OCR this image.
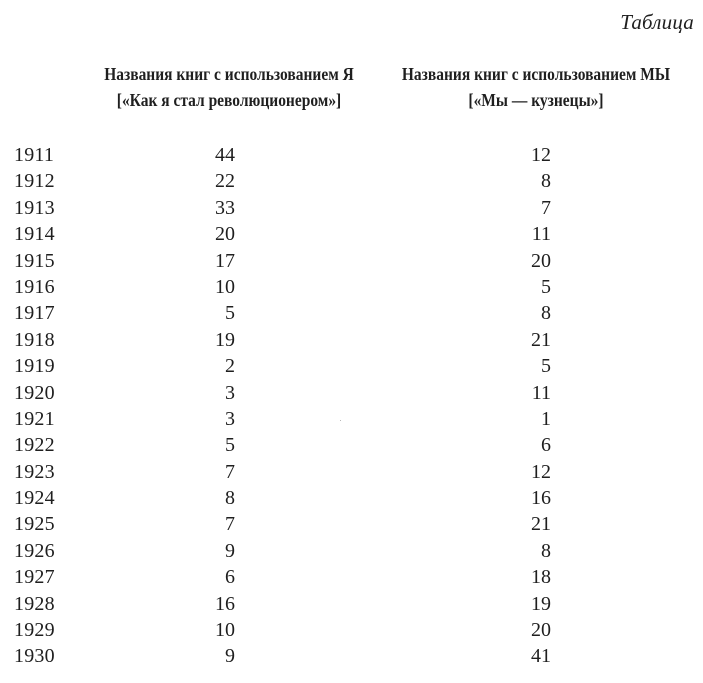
Таблица
Названия книг с использованием Я
[«Как я стал революционером»]
Названия книг с использованием МЫ
[«Мы — кузнецы»]
1911	44	12
1912	22	8
1913	33	7
1914	20	11
1915	17	20
1916	10	5
1917	5	8
1918	19	21
1919	2	5
1920	3	11
1921	3	1
1922	5	6
1923	7	12
1924	8	16
1925	7	21
1926	9	8
1927	6	18
1928	16	19
1929	10	20
1930	9	41
